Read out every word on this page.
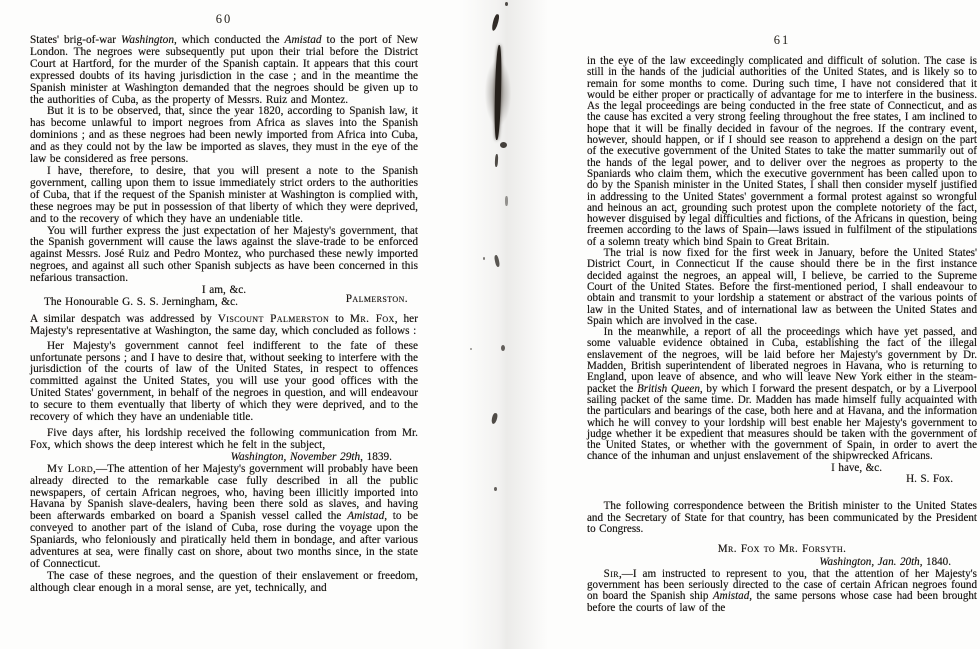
60

States' brig-of-war Washington, which conducted the Amistad to the port of New London. The negroes were subsequently put upon their trial before the District Court at Hartford, for the murder of the Spanish captain. It appears that this court expressed doubts of its having jurisdiction in the case ; and in the meantime the Spanish minister at Washington demanded that the negroes should be given up to the authorities of Cuba, as the property of Messrs. Ruiz and Montez.

But it is to be observed, that, since the year 1820, according to Spanish law, it has become unlawful to import negroes from Africa as slaves into the Spanish dominions ; and as these negroes had been newly imported from Africa into Cuba, and as they could not by the law be imported as slaves, they must in the eye of the law be considered as free persons.

I have, therefore, to desire, that you will present a note to the Spanish government, calling upon them to issue immediately strict orders to the authorities of Cuba, that if the request of the Spanish minister at Washington is complied with, these negroes may be put in possession of that liberty of which they were deprived, and to the recovery of which they have an undeniable title.

You will further express the just expectation of her Majesty's government, that the Spanish government will cause the laws against the slave-trade to be enforced against Messrs. José Ruiz and Pedro Montez, who purchased these newly imported negroes, and against all such other Spanish subjects as have been concerned in this nefarious transaction.

I am, &c.

The Honourable G. S. S. Jerningham, &c.	Palmerston.

A similar despatch was addressed by Viscount Palmerston to Mr. Fox, her Majesty's representative at Washington, the same day, which concluded as follows :

Her Majesty's government cannot feel indifferent to the fate of these unfortunate persons ; and I have to desire that, without seeking to interfere with the jurisdiction of the courts of law of the United States, in respect to offences committed against the United States, you will use your good offices with the United States' government, in behalf of the negroes in question, and will endeavour to secure to them eventually that liberty of which they were deprived, and to the recovery of which they have an undeniable title.

Five days after, his lordship received the following communication from Mr. Fox, which shows the deep interest which he felt in the subject,

Washington, November 29th, 1839.

My Lord,—The attention of her Majesty's government will probably have been already directed to the remarkable case fully described in all the public newspapers, of certain African negroes, who, having been illicitly imported into Havana by Spanish slave-dealers, having been there sold as slaves, and having been afterwards embarked on board a Spanish vessel called the Amistad, to be conveyed to another part of the island of Cuba, rose during the voyage upon the Spaniards, who feloniously and piratically held them in bondage, and after various adventures at sea, were finally cast on shore, about two months since, in the state of Connecticut.

The case of these negroes, and the question of their enslavement or freedom, although clear enough in a moral sense, are yet, technically, and

61

in the eye of the law exceedingly complicated and difficult of solution. The case is still in the hands of the judicial authorities of the United States, and is likely so to remain for some months to come. During such time, I have not considered that it would be either proper or practically of advantage for me to interfere in the business. As the legal proceedings are being conducted in the free state of Connecticut, and as the cause has excited a very strong feeling throughout the free states, I am inclined to hope that it will be finally decided in favour of the negroes. If the contrary event, however, should happen, or if I should see reason to apprehend a design on the part of the executive government of the United States to take the matter summarily out of the hands of the legal power, and to deliver over the negroes as property to the Spaniards who claim them, which the executive government has been called upon to do by the Spanish minister in the United States, I shall then consider myself justified in addressing to the United States' government a formal protest against so wrongful and heinous an act, grounding such protest upon the complete notoriety of the fact, however disguised by legal difficulties and fictions, of the Africans in question, being freemen according to the laws of Spain—laws issued in fulfilment of the stipulations of a solemn treaty which bind Spain to Great Britain.

The trial is now fixed for the first week in January, before the United States' District Court, in Connecticut If the cause should there be in the first instance decided against the negroes, an appeal will, I believe, be carried to the Supreme Court of the United States. Before the first-mentioned period, I shall endeavour to obtain and transmit to your lordship a statement or abstract of the various points of law in the United States, and of international law as between the United States and Spain which are involved in the case.

In the meanwhile, a report of all the proceedings which have yet passed, and some valuable evidence obtained in Cuba, establishing the fact of the illegal enslavement of the negroes, will be laid before her Majesty's government by Dr. Madden, British superintendent of liberated negroes in Havana, who is returning to England, upon leave of absence, and who will leave New York either in the steam-packet the British Queen, by which I forward the present despatch, or by a Liverpool sailing packet of the same time. Dr. Madden has made himself fully acquainted with the particulars and bearings of the case, both here and at Havana, and the information which he will convey to your lordship will best enable her Majesty's government to judge whether it be expedient that measures should be taken with the government of the United States, or whether with the government of Spain, in order to avert the chance of the inhuman and unjust enslavement of the shipwrecked Africans.

I have, &c.

H. S. Fox.

The following correspondence between the British minister to the United States and the Secretary of State for that country, has been communicated by the President to Congress.

Mr. Fox to Mr. Forsyth.

Washington, Jan. 20th, 1840.

Sir,—I am instructed to represent to you, that the attention of her Majesty's government has been seriously directed to the case of certain African negroes found on board the Spanish ship Amistad, the same persons whose case had been brought before the courts of law of the
